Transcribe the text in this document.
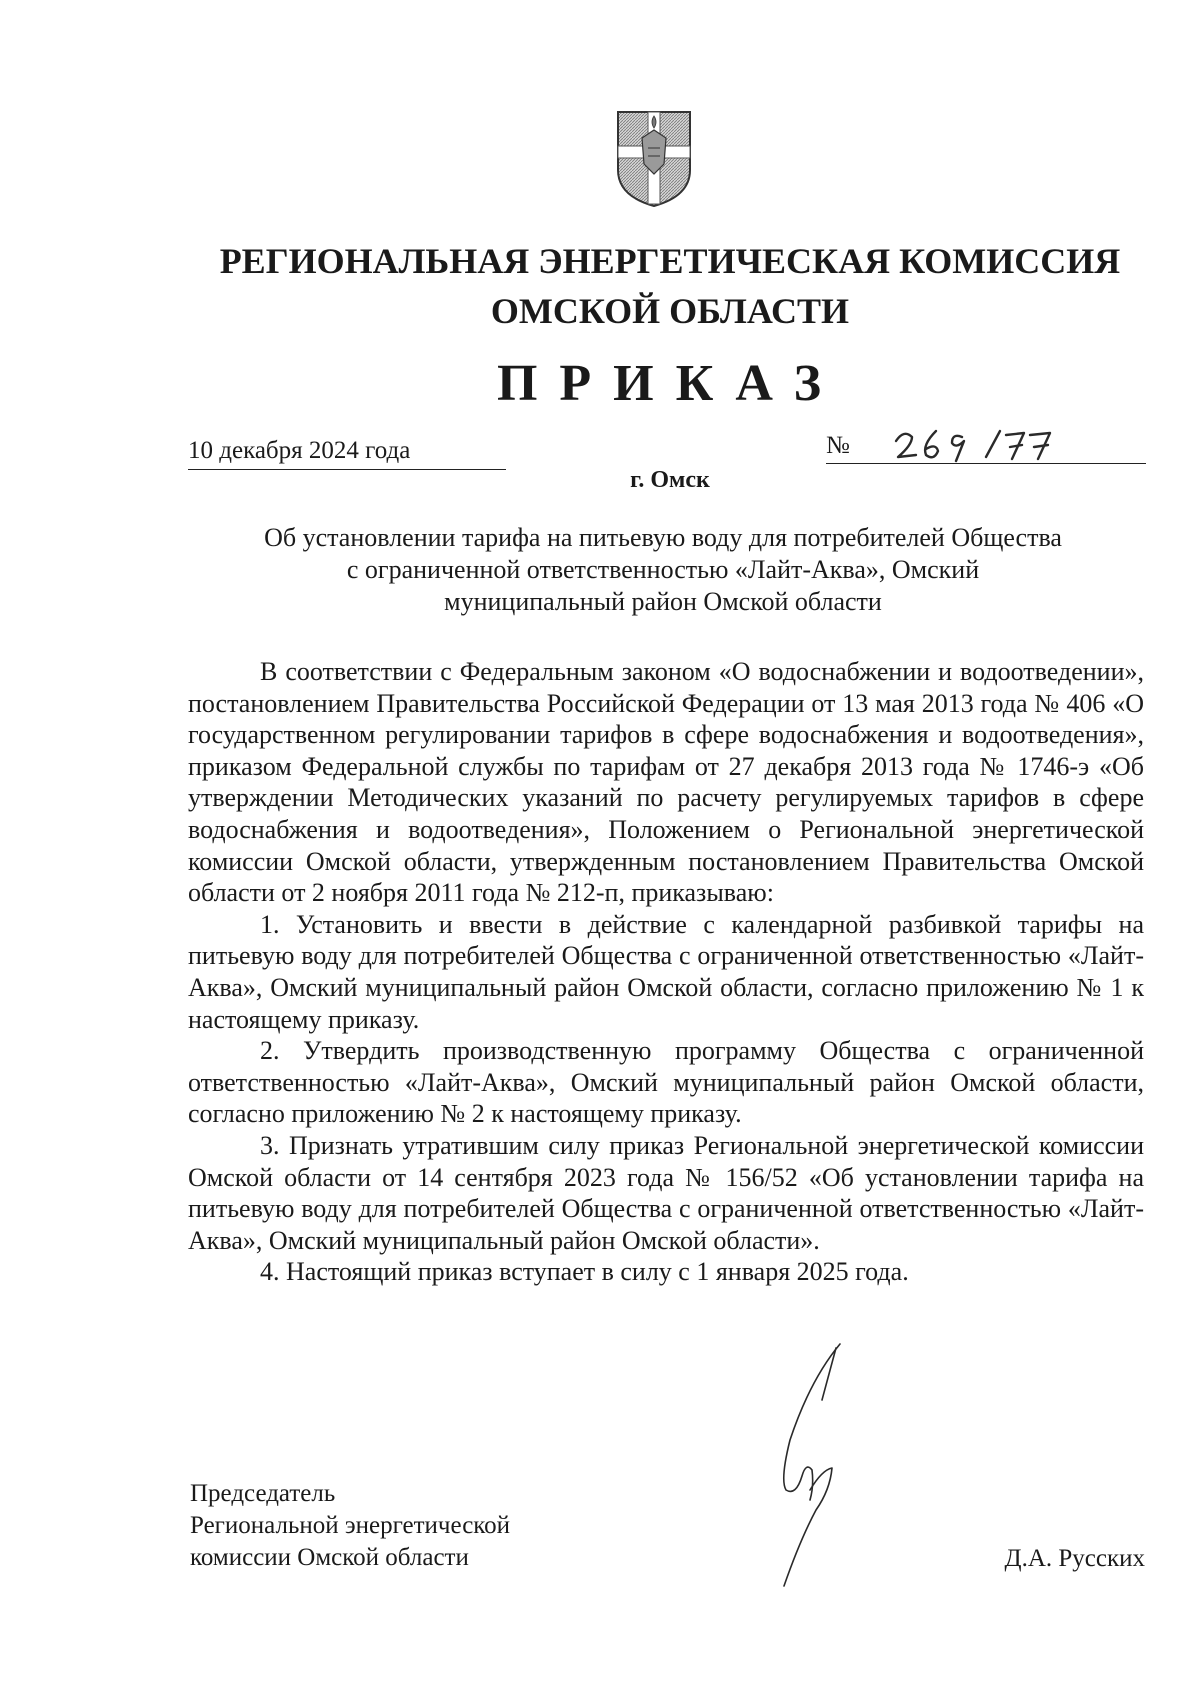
РЕГИОНАЛЬНАЯ ЭНЕРГЕТИЧЕСКАЯ КОМИССИЯ
ОМСКОЙ ОБЛАСТИ
ПРИКАЗ
10 декабря 2024 года	№
г. Омск
Об установлении тарифа на питьевую воду для потребителей Общества
с ограниченной ответственностью «Лайт-Аква», Омский
муниципальный район Омской области

В соответствии с Федеральным законом «О водоснабжении и водоотведении», постановлением Правительства Российской Федерации от 13 мая 2013 года № 406 «О государственном регулировании тарифов в сфере водоснабжения и водоотведения», приказом Федеральной службы по тарифам от 27 декабря 2013 года № 1746-э «Об утверждении Методических указаний по расчету регулируемых тарифов в сфере водоснабжения и водоотведения», Положением о Региональной энергетической комиссии Омской области, утвержденным постановлением Правительства Омской области от 2 ноября 2011 года № 212-п, приказываю:

1. Установить и ввести в действие с календарной разбивкой тарифы на питьевую воду для потребителей Общества с ограниченной ответственностью «Лайт-Аква», Омский муниципальный район Омской области, согласно приложению № 1 к настоящему приказу.

2. Утвердить производственную программу Общества с ограниченной ответственностью «Лайт-Аква», Омский муниципальный район Омской области, согласно приложению № 2 к настоящему приказу.

3. Признать утратившим силу приказ Региональной энергетической комиссии Омской области от 14 сентября 2023 года № 156/52 «Об установлении тарифа на питьевую воду для потребителей Общества с ограниченной ответственностью «Лайт-Аква», Омский муниципальный район Омской области».

4. Настоящий приказ вступает в силу с 1 января 2025 года.

Председатель
Региональной энергетической
комиссии Омской области	Д.А. Русских
